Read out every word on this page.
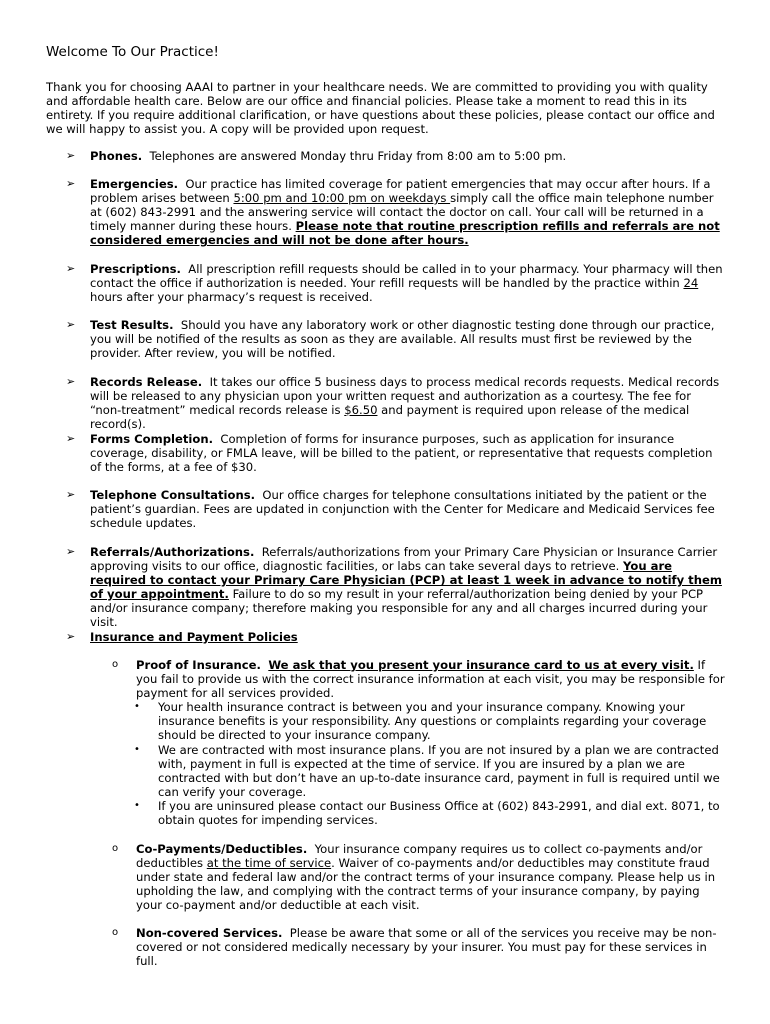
Welcome To Our Practice!

Thank you for choosing AAAI to partner in your healthcare needs. We are committed to providing you with quality and affordable health care. Below are our office and financial policies. Please take a moment to read this in its entirety. If you require additional clarification, or have questions about these policies, please contact our office and we will happy to assist you. A copy will be provided upon request.

➢ Phones. Telephones are answered Monday thru Friday from 8:00 am to 5:00 pm.

➢ Emergencies. Our practice has limited coverage for patient emergencies that may occur after hours. If a problem arises between 5:00 pm and 10:00 pm on weekdays simply call the office main telephone number at (602) 843-2991 and the answering service will contact the doctor on call. Your call will be returned in a timely manner during these hours. Please note that routine prescription refills and referrals are not considered emergencies and will not be done after hours.

➢ Prescriptions. All prescription refill requests should be called in to your pharmacy. Your pharmacy will then contact the office if authorization is needed. Your refill requests will be handled by the practice within 24 hours after your pharmacy’s request is received.

➢ Test Results. Should you have any laboratory work or other diagnostic testing done through our practice, you will be notified of the results as soon as they are available. All results must first be reviewed by the provider. After review, you will be notified.

➢ Records Release. It takes our office 5 business days to process medical records requests. Medical records will be released to any physician upon your written request and authorization as a courtesy. The fee for “non-treatment” medical records release is $6.50 and payment is required upon release of the medical record(s).

➢ Forms Completion. Completion of forms for insurance purposes, such as application for insurance coverage, disability, or FMLA leave, will be billed to the patient, or representative that requests completion of the forms, at a fee of $30.

➢ Telephone Consultations. Our office charges for telephone consultations initiated by the patient or the patient’s guardian. Fees are updated in conjunction with the Center for Medicare and Medicaid Services fee schedule updates.

➢ Referrals/Authorizations. Referrals/authorizations from your Primary Care Physician or Insurance Carrier approving visits to our office, diagnostic facilities, or labs can take several days to retrieve. You are required to contact your Primary Care Physician (PCP) at least 1 week in advance to notify them of your appointment. Failure to do so my result in your referral/authorization being denied by your PCP and/or insurance company; therefore making you responsible for any and all charges incurred during your visit.

➢ Insurance and Payment Policies

o Proof of Insurance. We ask that you present your insurance card to us at every visit. If you fail to provide us with the correct insurance information at each visit, you may be responsible for payment for all services provided.

• Your health insurance contract is between you and your insurance company. Knowing your insurance benefits is your responsibility. Any questions or complaints regarding your coverage should be directed to your insurance company.

• We are contracted with most insurance plans. If you are not insured by a plan we are contracted with, payment in full is expected at the time of service. If you are insured by a plan we are contracted with but don’t have an up-to-date insurance card, payment in full is required until we can verify your coverage.

• If you are uninsured please contact our Business Office at (602) 843-2991, and dial ext. 8071, to obtain quotes for impending services.

o Co-Payments/Deductibles. Your insurance company requires us to collect co-payments and/or deductibles at the time of service. Waiver of co-payments and/or deductibles may constitute fraud under state and federal law and/or the contract terms of your insurance company. Please help us in upholding the law, and complying with the contract terms of your insurance company, by paying your co-payment and/or deductible at each visit.

o Non-covered Services. Please be aware that some or all of the services you receive may be non-covered or not considered medically necessary by your insurer. You must pay for these services in full.
